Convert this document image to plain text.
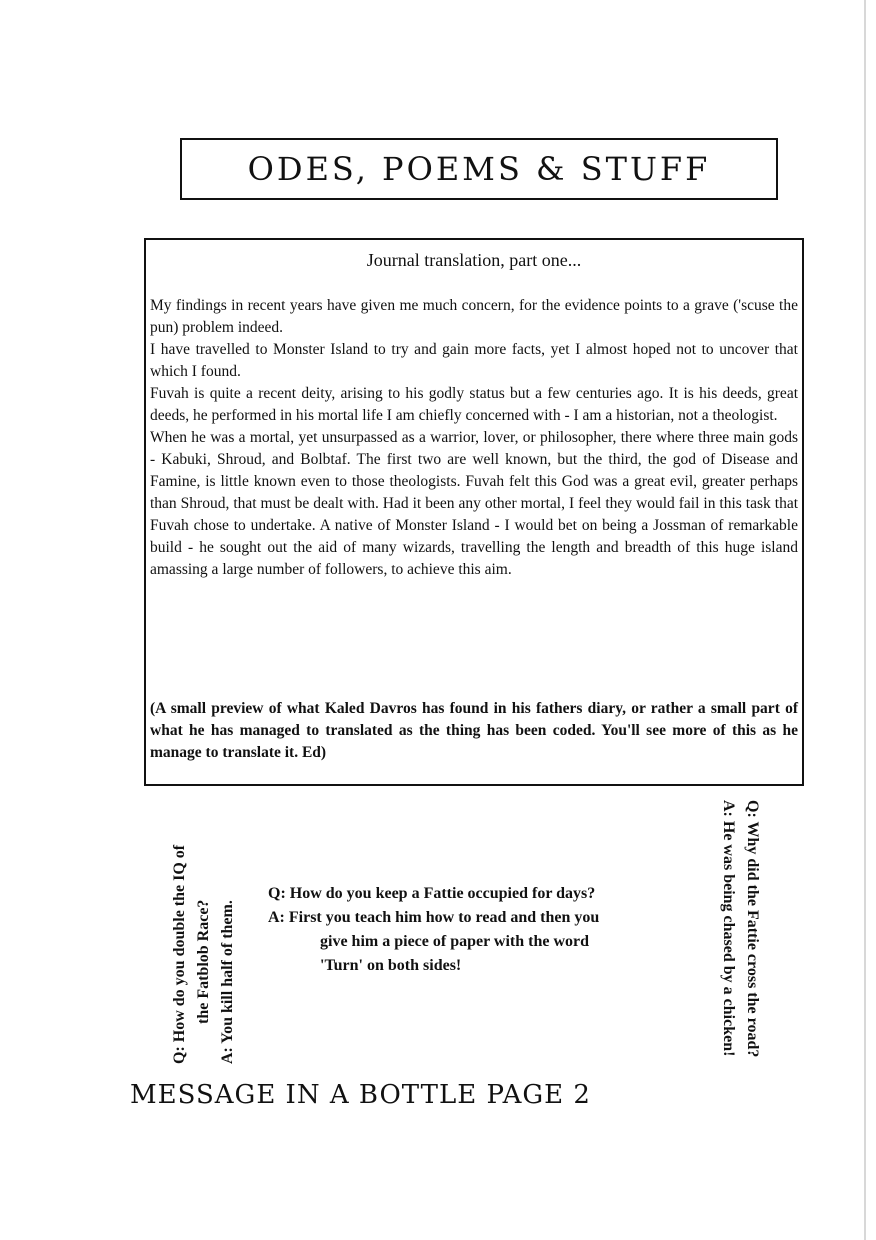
ODES, POEMS & STUFF
Journal translation, part one...

My findings in recent years have given me much concern, for the evidence points to a grave ('scuse the pun) problem indeed.

I have travelled to Monster Island to try and gain more facts, yet I almost hoped not to uncover that which I found.

Fuvah is quite a recent deity, arising to his godly status but a few centuries ago. It is his deeds, great deeds, he performed in his mortal life I am chiefly concerned with - I am a historian, not a theologist.

When he was a mortal, yet unsurpassed as a warrior, lover, or philosopher, there where three main gods - Kabuki, Shroud, and Bolbtaf. The first two are well known, but the third, the god of Disease and Famine, is little known even to those theologists. Fuvah felt this God was a great evil, greater perhaps than Shroud, that must be dealt with. Had it been any other mortal, I feel they would fail in this task that Fuvah chose to undertake. A native of Monster Island - I would bet on being a Jossman of remarkable build - he sought out the aid of many wizards, travelling the length and breadth of this huge island amassing a large number of followers, to achieve this aim.

(A small preview of what Kaled Davros has found in his fathers diary, or rather a small part of what he has managed to translated as the thing has been coded. You'll see more of this as he manage to translate it. Ed)
Q: How do you double the IQ of the Fatblob Race? A: You kill half of them.
Q: How do you keep a Fattie occupied for days?
A: First you teach him how to read and then you
give him a piece of paper with the word
'Turn' on both sides!	Q: Why did the Fattie cross the road?
A: He was being chased by a chicken!
MESSAGE IN A BOTTLE PAGE 2
